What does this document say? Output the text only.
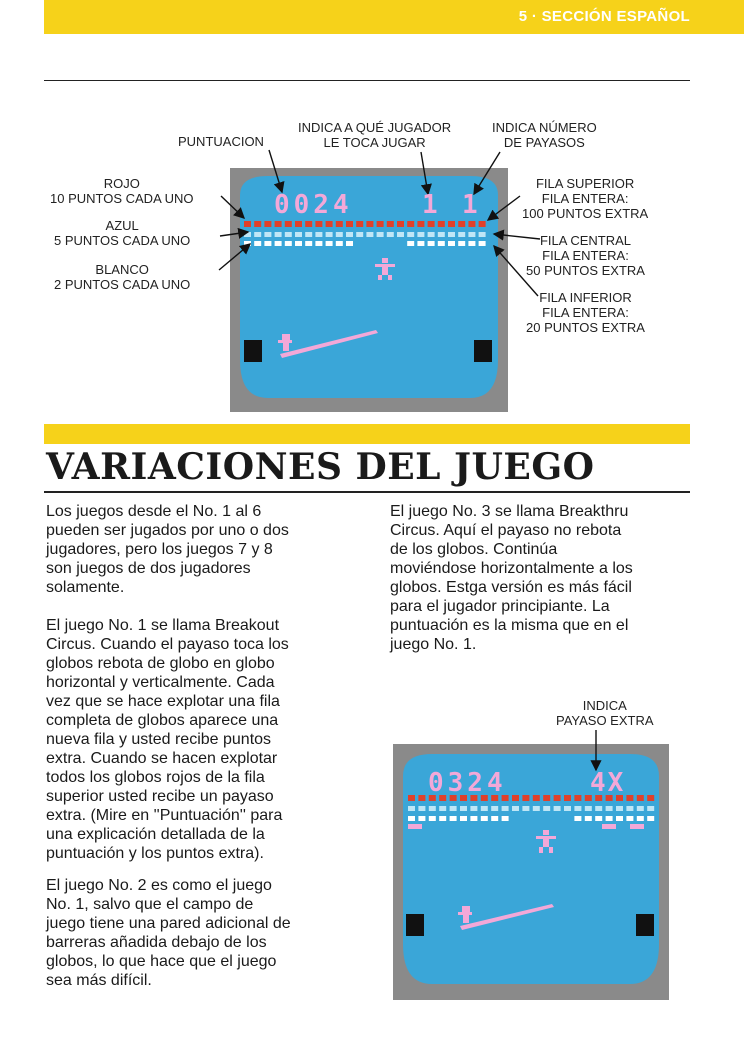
5 · SECCIÓN ESPAÑOL
0024	1 1
PUNTUACION
INDICA A QUÉ JUGADOR
LE TOCA JUGAR
INDICA NÚMERO
DE PAYASOS
ROJO
10 PUNTOS CADA UNO
AZUL
5 PUNTOS CADA UNO
BLANCO
2 PUNTOS CADA UNO
FILA SUPERIOR
FILA ENTERA:
100 PUNTOS EXTRA
FILA CENTRAL
FILA ENTERA:
50 PUNTOS EXTRA
FILA INFERIOR
FILA ENTERA:
20 PUNTOS EXTRA
VARIACIONES DEL JUEGO
Los juegos desde el No. 1 al 6
pueden ser jugados por uno o dos
jugadores, pero los juegos 7 y 8
son juegos de dos jugadores
solamente.
El juego No. 1 se llama Breakout
Circus. Cuando el payaso toca los
globos rebota de globo en globo
horizontal y verticalmente. Cada
vez que se hace explotar una fila
completa de globos aparece una
nueva fila y usted recibe puntos
extra. Cuando se hacen explotar
todos los globos rojos de la fila
superior usted recibe un payaso
extra. (Mire en ''Puntuación'' para
una explicación detallada de la
puntuación y los puntos extra).
El juego No. 2 es como el juego
No. 1, salvo que el campo de
juego tiene una pared adicional de
barreras añadida debajo de los
globos, lo que hace que el juego
sea más difícil.
El juego No. 3 se llama Breakthru
Circus. Aquí el payaso no rebota
de los globos. Continúa
moviéndose horizontalmente a los
globos. Estga versión es más fácil
para el jugador principiante. La
puntuación es la misma que en el
juego No. 1.
INDICA
PAYASO EXTRA
0324	4X
